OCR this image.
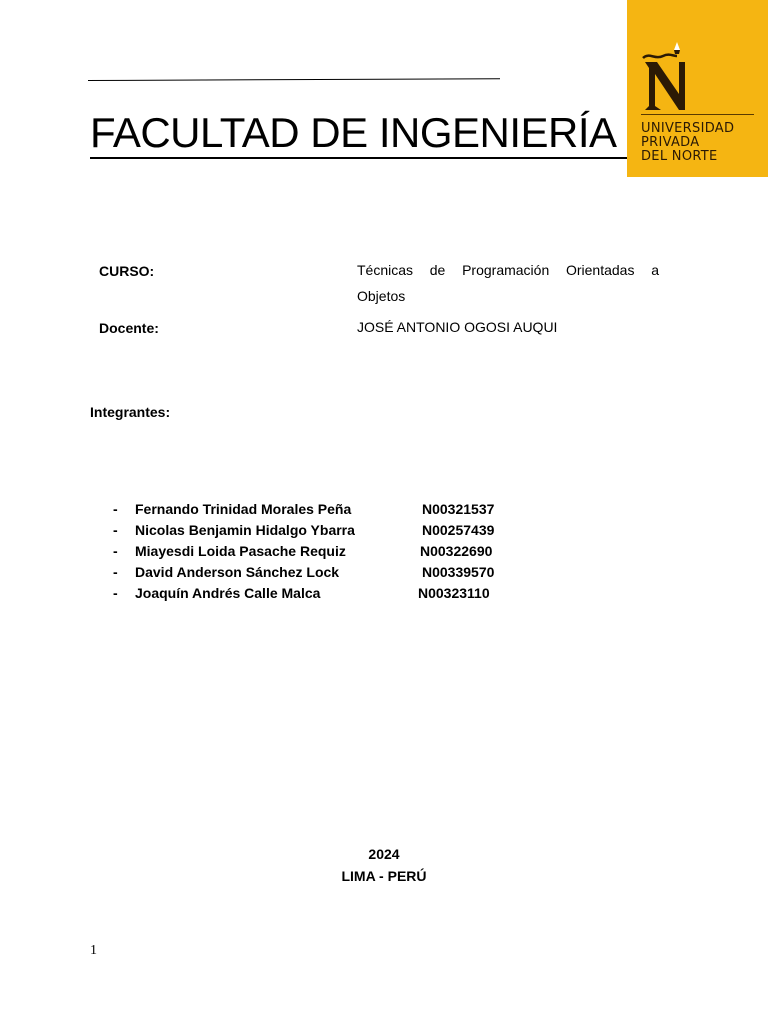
FACULTAD DE INGENIERÍA UNIVERSIDAD
PRIVADA
DEL NORTE
CURSO:	Técnicas de Programación Orientadas a
Objetos
Docente:	JOSÉ ANTONIO OGOSI AUQUI
Integrantes:
- Fernando Trinidad Morales Peña	N00321537
- Nicolas Benjamin Hidalgo Ybarra	N00257439
- Miayesdi Loida Pasache Requiz	N00322690
- David Anderson Sánchez Lock	N00339570
- Joaquín Andrés Calle Malca	N00323110
2024
LIMA - PERÚ
1
